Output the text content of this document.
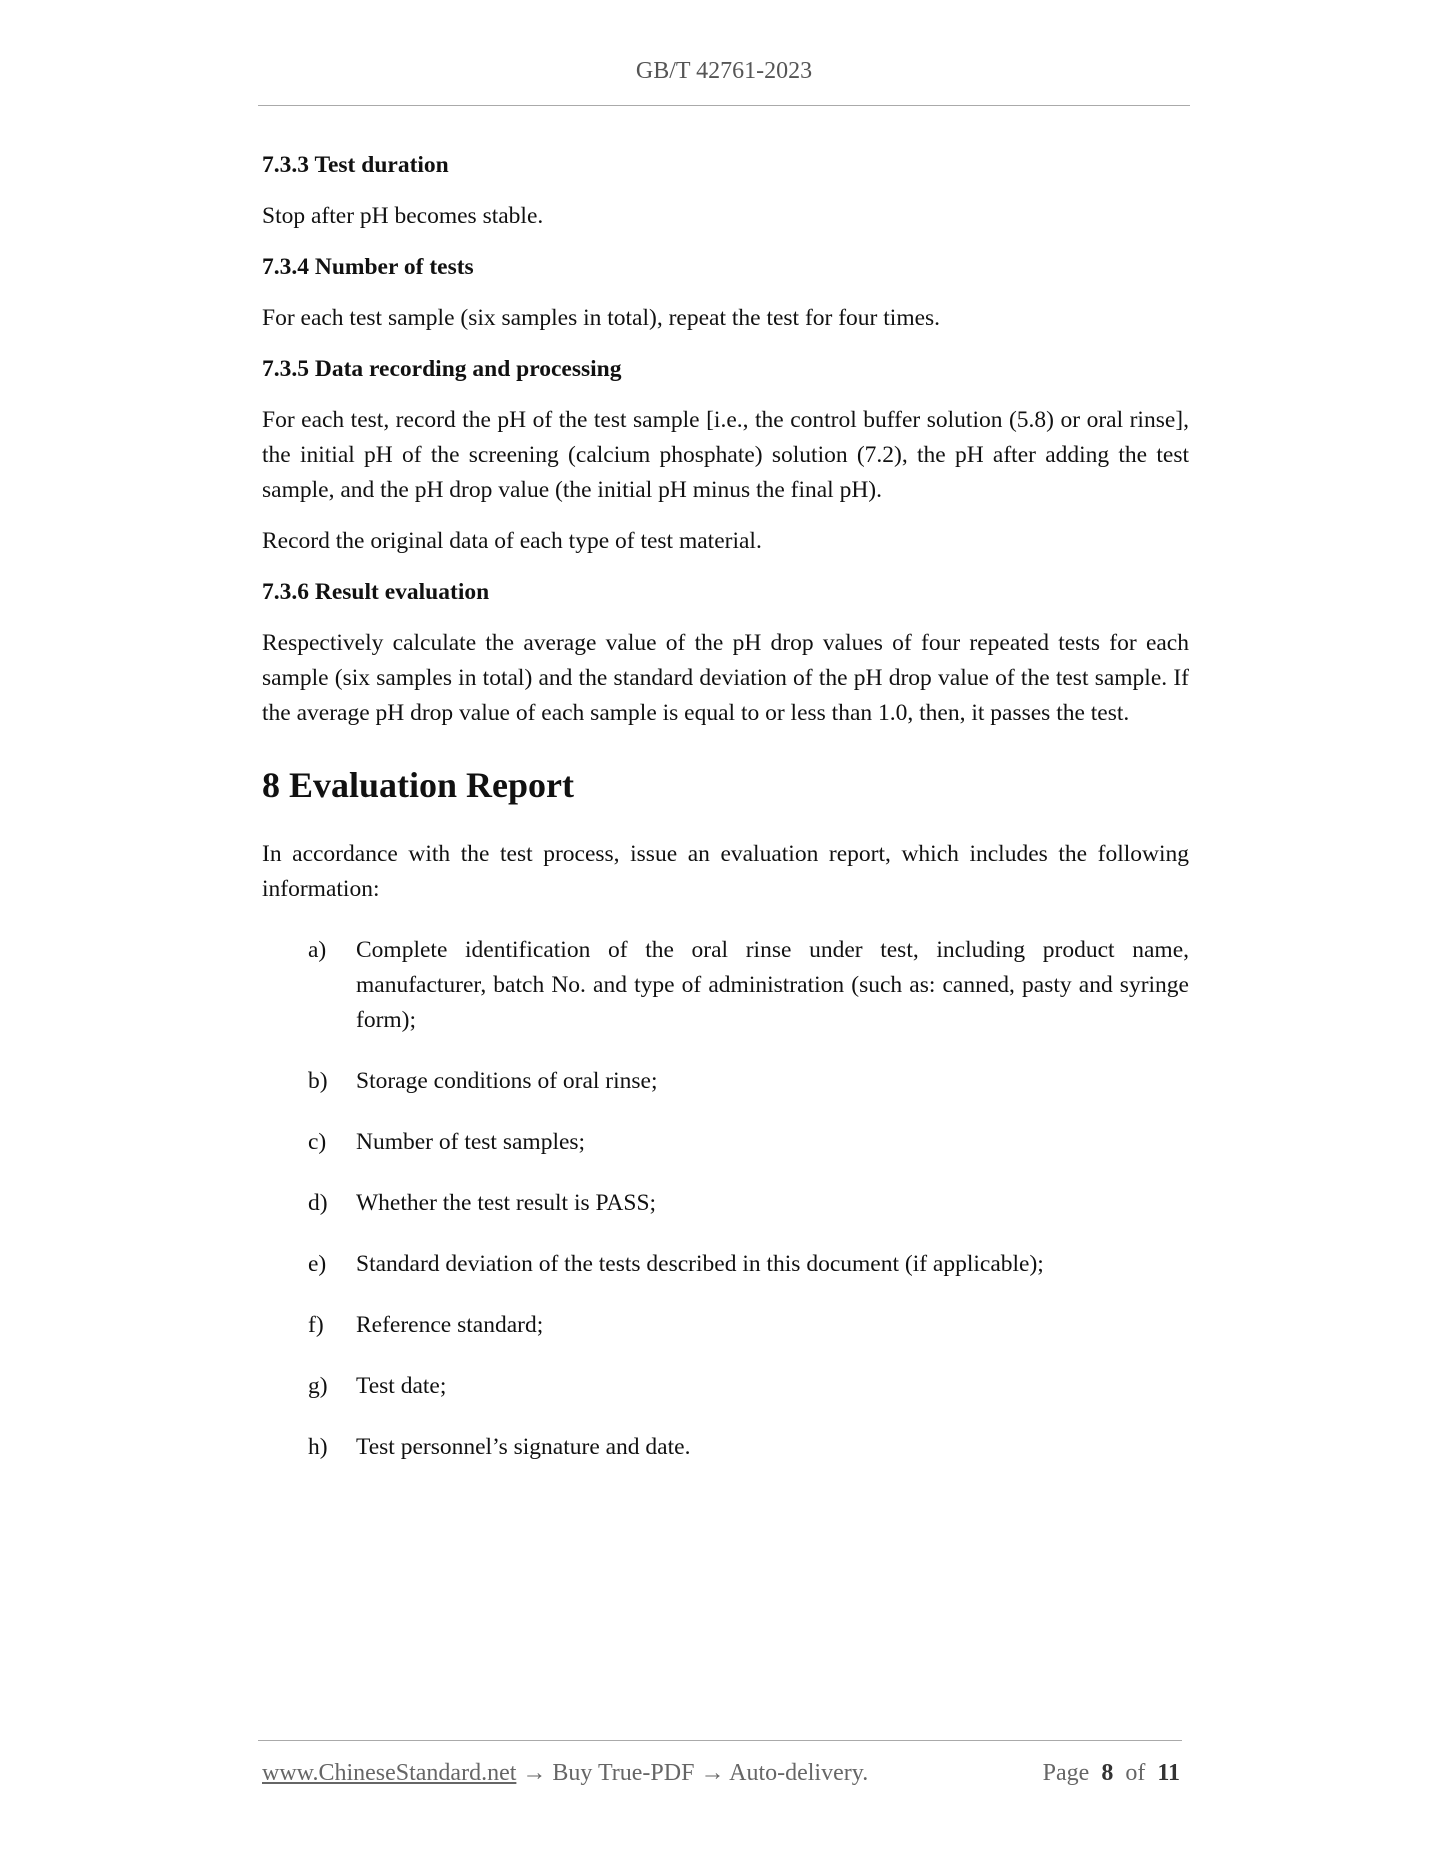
GB/T 42761-2023
7.3.3 Test duration

Stop after pH becomes stable.

7.3.4 Number of tests

For each test sample (six samples in total), repeat the test for four times.

7.3.5 Data recording and processing

For each test, record the pH of the test sample [i.e., the control buffer solution (5.8) or oral rinse], the initial pH of the screening (calcium phosphate) solution (7.2), the pH after adding the test sample, and the pH drop value (the initial pH minus the final pH).

Record the original data of each type of test material.

7.3.6 Result evaluation

Respectively calculate the average value of the pH drop values of four repeated tests for each sample (six samples in total) and the standard deviation of the pH drop value of the test sample. If the average pH drop value of each sample is equal to or less than 1.0, then, it passes the test.

8 Evaluation Report

In accordance with the test process, issue an evaluation report, which includes the following information:

a) Complete identification of the oral rinse under test, including product name, manufacturer, batch No. and type of administration (such as: canned, pasty and syringe form);
b) Storage conditions of oral rinse;
c) Number of test samples;
d) Whether the test result is PASS;
e) Standard deviation of the tests described in this document (if applicable);
f) Reference standard;
g) Test date;
h) Test personnel’s signature and date.
www.ChineseStandard.net → Buy True-PDF → Auto-delivery.	Page 8 of 11
